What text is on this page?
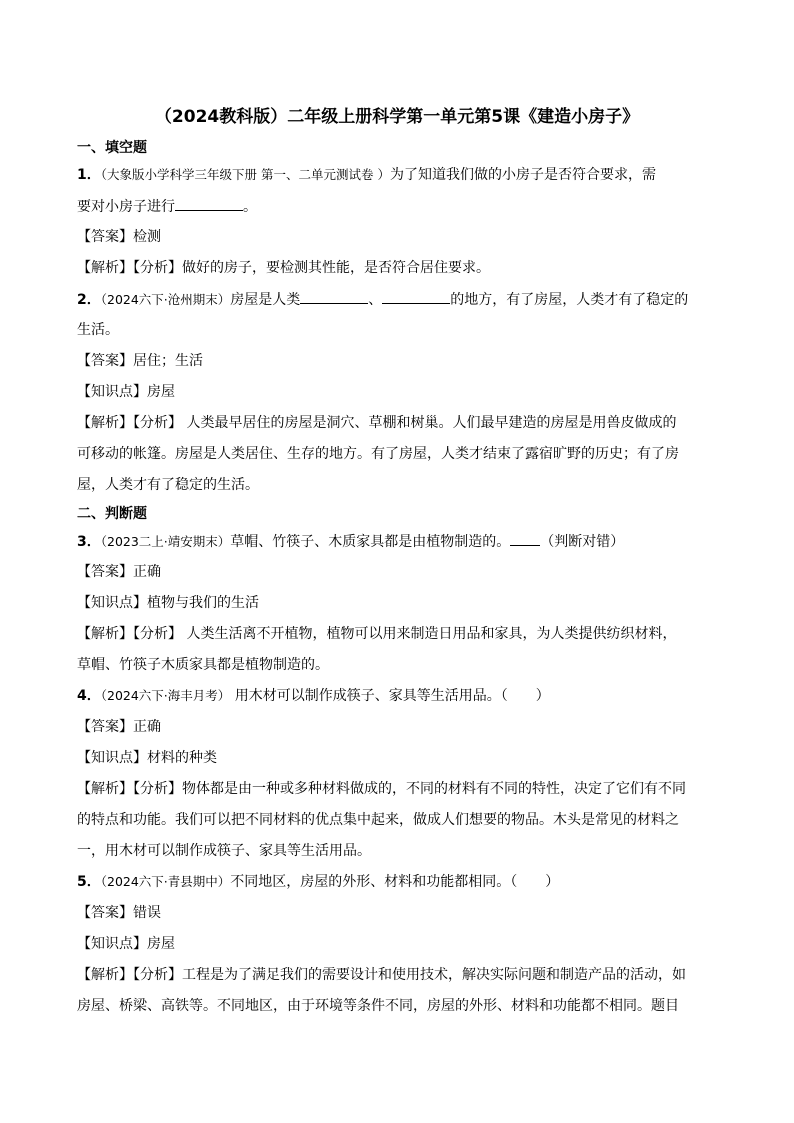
（2024教科版）二年级上册科学第一单元第5课《建造小房子》
一、填空题
1．（大象版小学科学三年级下册 第一、二单元测试卷 ）为了知道我们做的小房子是否符合要求，需
要对小房子进行	。
【答案】检测
【解析】【分析】做好的房子，要检测其性能，是否符合居住要求。
2．（2024六下·沧州期末）房屋是人类	、	的地方，有了房屋，人类才有了稳定的
生活。
【答案】居住；生活
【知识点】房屋
【解析】【分析】 人类最早居住的房屋是洞穴、草棚和树巢。人们最早建造的房屋是用兽皮做成的
可移动的帐篷。房屋是人类居住、生存的地方。有了房屋，人类才结束了露宿旷野的历史；有了房
屋，人类才有了稳定的生活。
二、判断题
3．（2023二上·靖安期末）草帽、竹筷子、木质家具都是由植物制造的。 （判断对错）
【答案】正确
【知识点】植物与我们的生活
【解析】【分析】 人类生活离不开植物，植物可以用来制造日用品和家具，为人类提供纺织材料，
草帽、竹筷子木质家具都是植物制造的。
4．（2024六下·海丰月考） 用木材可以制作成筷子、家具等生活用品。（　　）
【答案】正确
【知识点】材料的种类
【解析】【分析】物体都是由一种或多种材料做成的，不同的材料有不同的特性，决定了它们有不同
的特点和功能。我们可以把不同材料的优点集中起来，做成人们想要的物品。木头是常见的材料之
一，用木材可以制作成筷子、家具等生活用品。
5．（2024六下·青县期中）不同地区，房屋的外形、材料和功能都相同。（　　）
【答案】错误
【知识点】房屋
【解析】【分析】工程是为了满足我们的需要设计和使用技术，解决实际问题和制造产品的活动，如
房屋、桥梁、高铁等。不同地区，由于环境等条件不同，房屋的外形、材料和功能都不相同。题目
